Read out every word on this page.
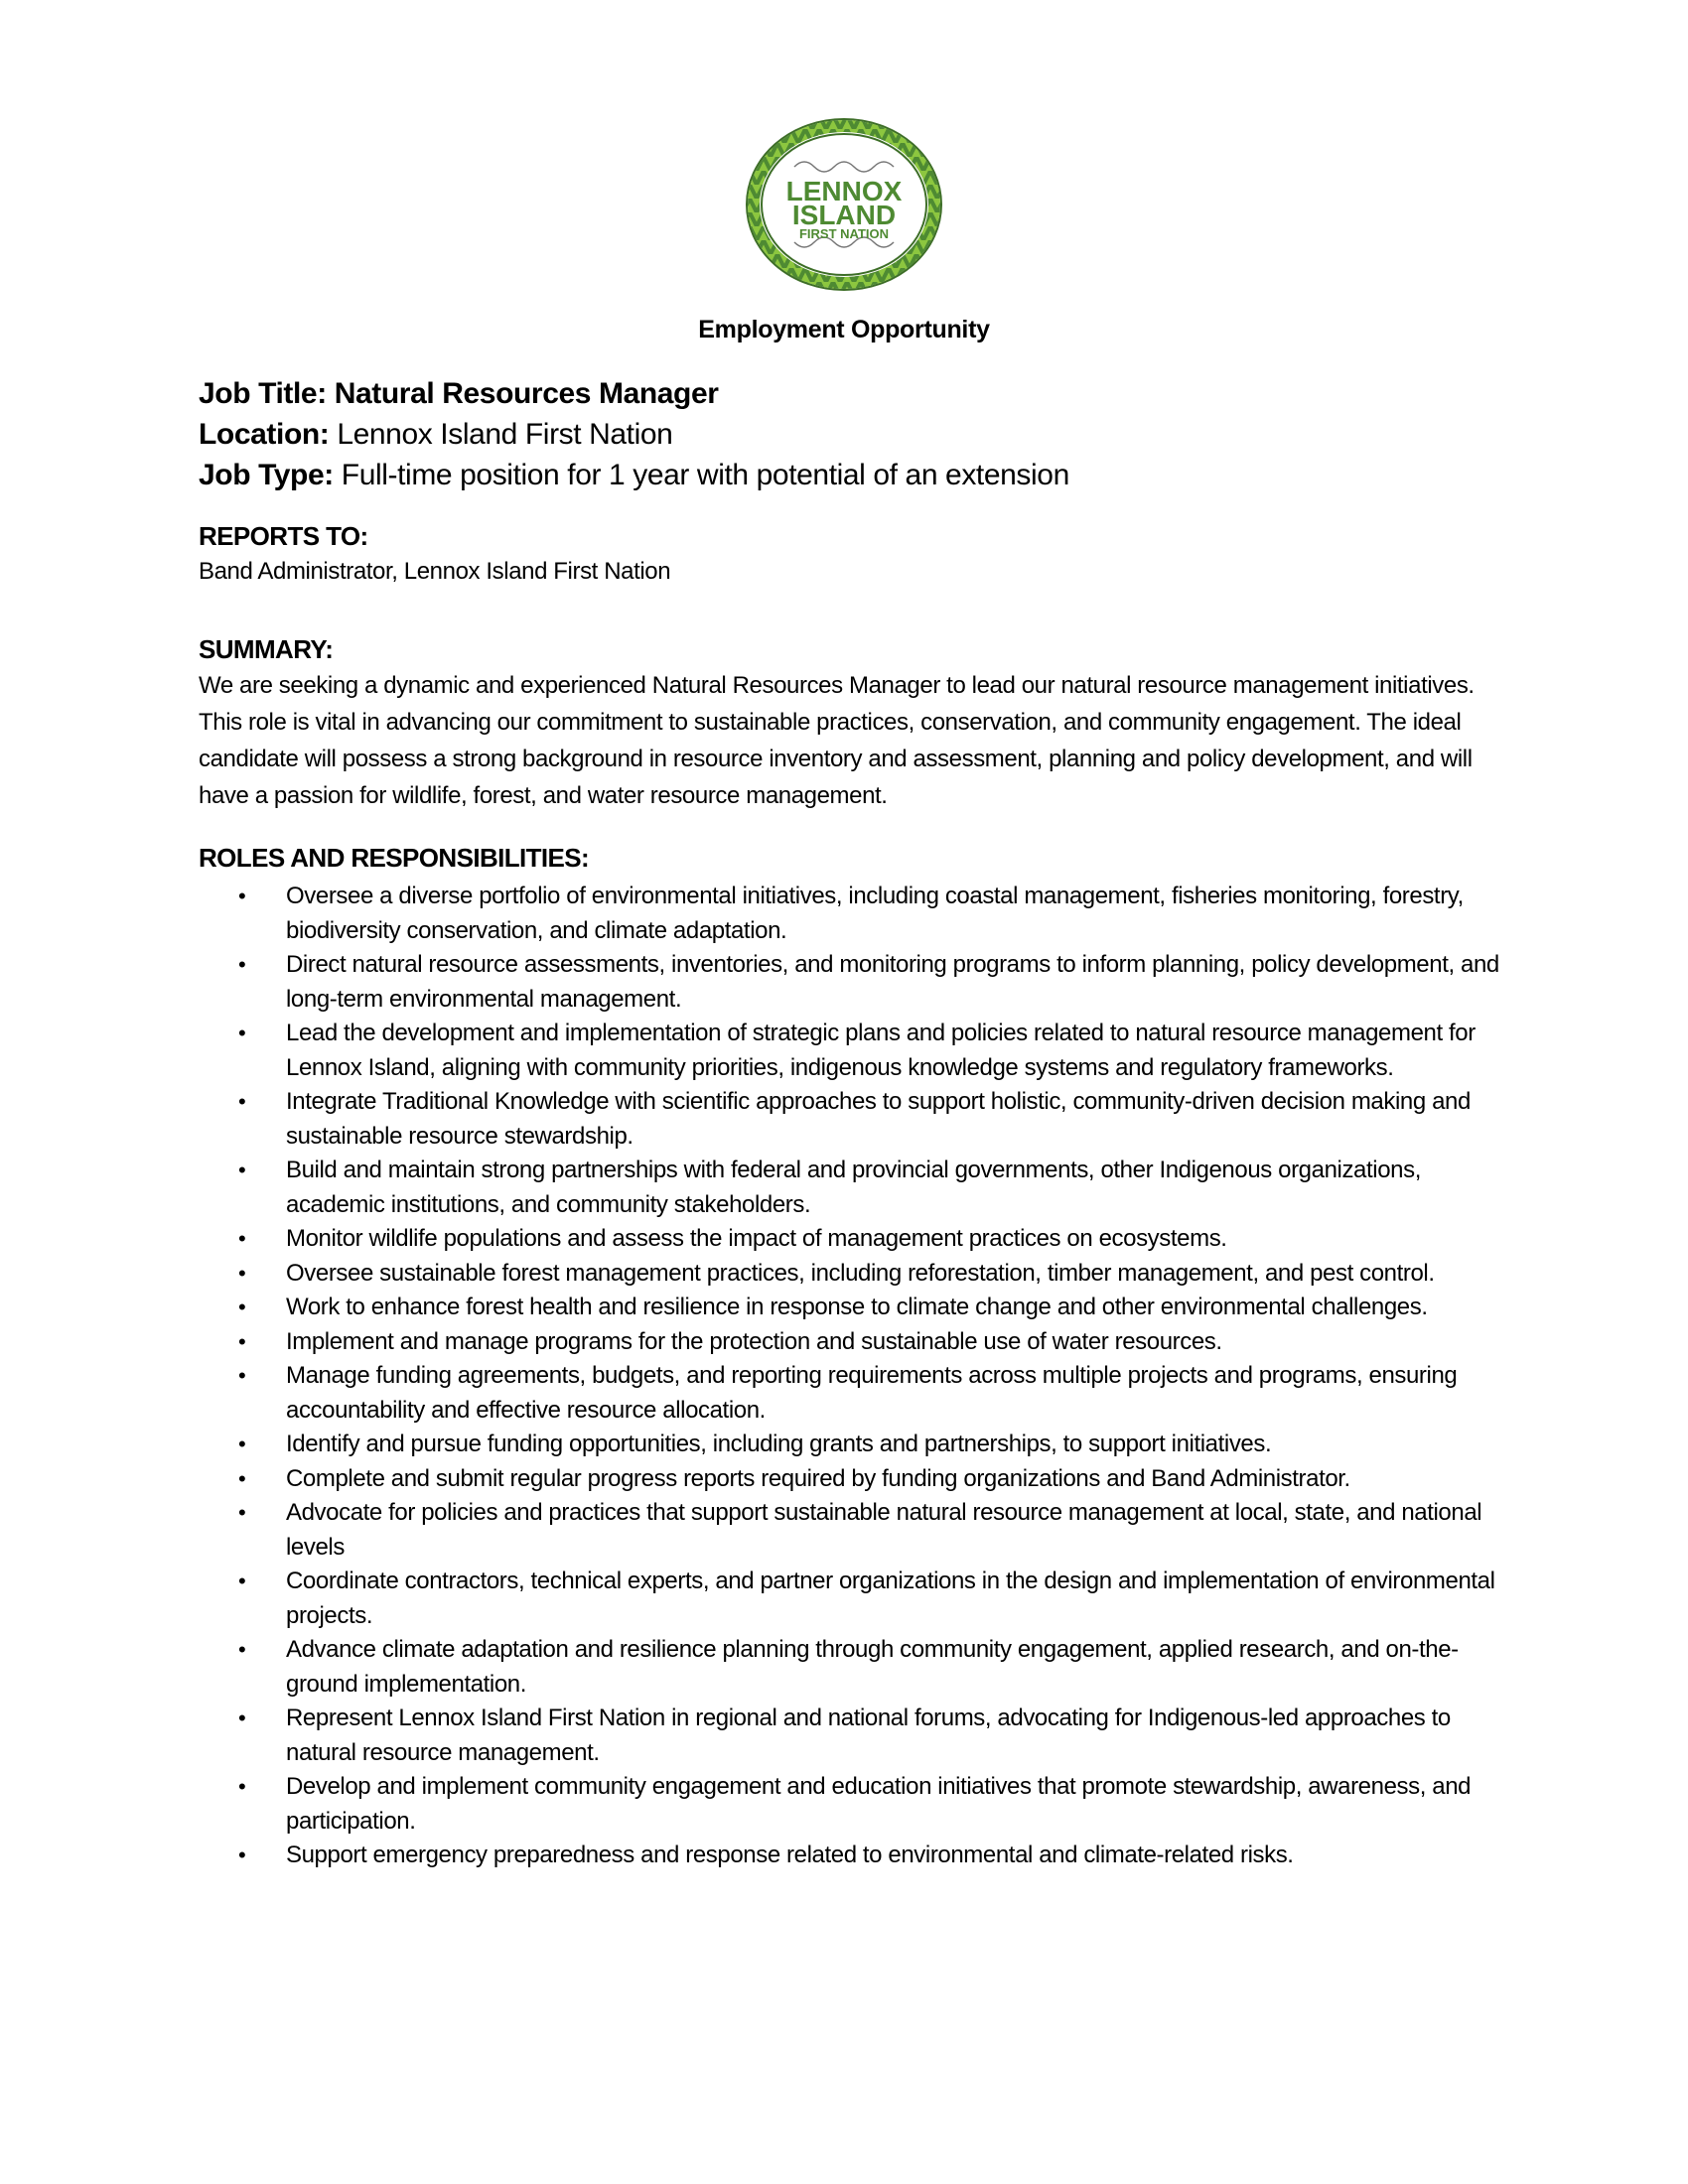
LENNOX
ISLAND
FIRST NATION
Employment Opportunity
Job Title: Natural Resources Manager
Location: Lennox Island First Nation
Job Type: Full-time position for 1 year with potential of an extension
REPORTS TO:

Band Administrator, Lennox Island First Nation

SUMMARY:

We are seeking a dynamic and experienced Natural Resources Manager to lead our natural resource management initiatives. This role is vital in advancing our commitment to sustainable practices, conservation, and community engagement. The ideal candidate will possess a strong background in resource inventory and assessment, planning and policy development, and will have a passion for wildlife, forest, and water resource management.

ROLES AND RESPONSIBILITIES:
• Oversee a diverse portfolio of environmental initiatives, including coastal management, fisheries monitoring, forestry, biodiversity conservation, and climate adaptation.
• Direct natural resource assessments, inventories, and monitoring programs to inform planning, policy development, and long-term environmental management.
• Lead the development and implementation of strategic plans and policies related to natural resource management for Lennox Island, aligning with community priorities, indigenous knowledge systems and regulatory frameworks.
• Integrate Traditional Knowledge with scientific approaches to support holistic, community-driven decision making and sustainable resource stewardship.
• Build and maintain strong partnerships with federal and provincial governments, other Indigenous organizations, academic institutions, and community stakeholders.
• Monitor wildlife populations and assess the impact of management practices on ecosystems.
• Oversee sustainable forest management practices, including reforestation, timber management, and pest control.
• Work to enhance forest health and resilience in response to climate change and other environmental challenges.
• Implement and manage programs for the protection and sustainable use of water resources.
• Manage funding agreements, budgets, and reporting requirements across multiple projects and programs, ensuring accountability and effective resource allocation.
• Identify and pursue funding opportunities, including grants and partnerships, to support initiatives.
• Complete and submit regular progress reports required by funding organizations and Band Administrator.
• Advocate for policies and practices that support sustainable natural resource management at local, state, and national levels
• Coordinate contractors, technical experts, and partner organizations in the design and implementation of environmental projects.
• Advance climate adaptation and resilience planning through community engagement, applied research, and on-the-ground implementation.
• Represent Lennox Island First Nation in regional and national forums, advocating for Indigenous-led approaches to natural resource management.
• Develop and implement community engagement and education initiatives that promote stewardship, awareness, and participation.
• Support emergency preparedness and response related to environmental and climate-related risks.
